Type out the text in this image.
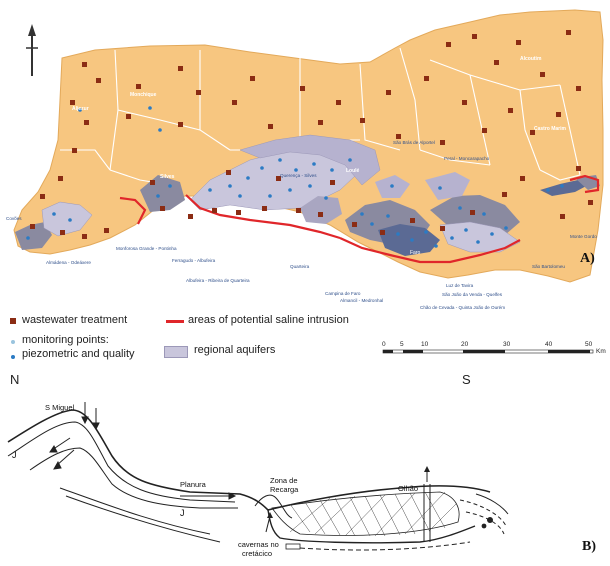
Covões
Almádena - Odeáxere
Monforosa Grande - Pontinha
Ferragudo - Albufeira
Albufeira - Ribeira de Quarteira
Querença - Silves
Quarteira
Campina de Faro
Almancil - Medronhal
São Brás de Alportel
Peral - Moncarapacho
Chão de Cevada - Quinta João de Ourém
São João da Venda - Quelfes
Luz de Tavira
São Bartolomeu
Monte Gordo
Faro
Aljezur
Monchique
Silves
Loulé
Alcoutim
Castro Marim
A)
wastewater treatment	areas of potential saline intrusion
monitoring points:
piezometric and quality	regional aquifers	0 5	10	20	30	40	50
Km
N	S
S Miguel
Planura	Zona de
Recarga	Olhão
cavernas no
cretácico
J
J
B)
